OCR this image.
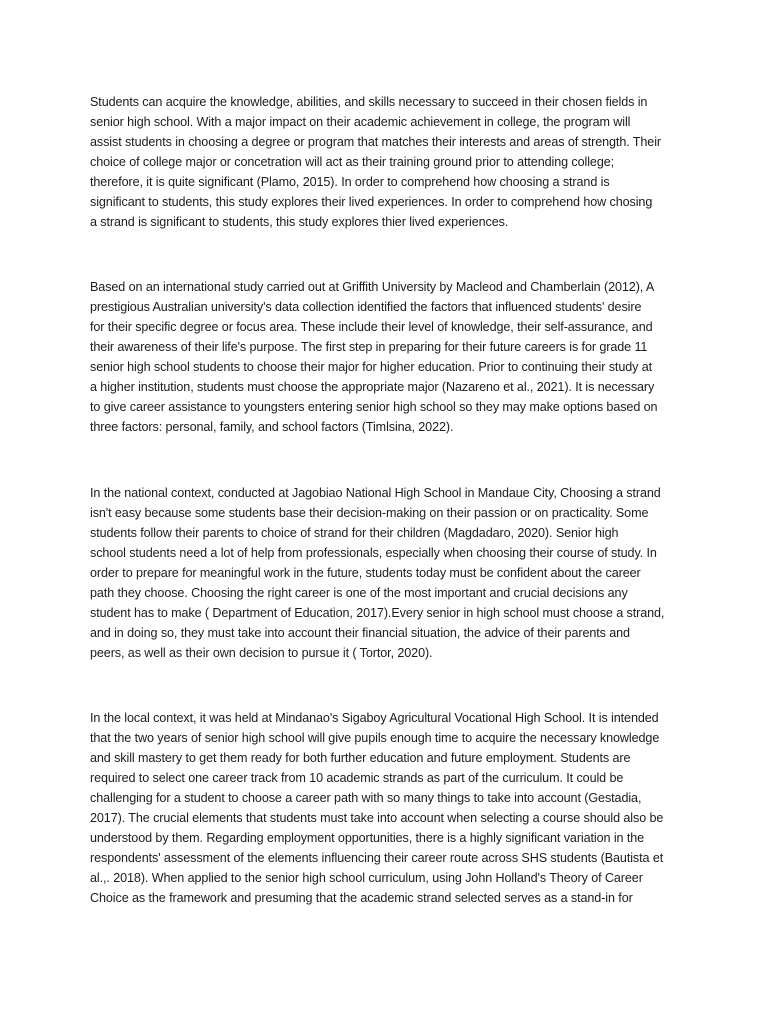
Students can acquire the knowledge, abilities, and skills necessary to succeed in their chosen fields in
senior high school. With a major impact on their academic achievement in college, the program will
assist students in choosing a degree or program that matches their interests and areas of strength. Their
choice of college major or concetration will act as their training ground prior to attending college;
therefore, it is quite significant (Plamo, 2015). In order to comprehend how choosing a strand is
significant to students, this study explores their lived experiences. In order to comprehend how chosing
a strand is significant to students, this study explores thier lived experiences.

Based on an international study carried out at Griffith University by Macleod and Chamberlain (2012), A
prestigious Australian university's data collection identified the factors that influenced students' desire
for their specific degree or focus area. These include their level of knowledge, their self-assurance, and
their awareness of their life's purpose. The first step in preparing for their future careers is for grade 11
senior high school students to choose their major for higher education. Prior to continuing their study at
a higher institution, students must choose the appropriate major (Nazareno et al., 2021). It is necessary
to give career assistance to youngsters entering senior high school so they may make options based on
three factors: personal, family, and school factors (Timlsina, 2022).

In the national context, conducted at Jagobiao National High School in Mandaue City, Choosing a strand
isn't easy because some students base their decision-making on their passion or on practicality. Some
students follow their parents to choice of strand for their children (Magdadaro, 2020). Senior high
school students need a lot of help from professionals, especially when choosing their course of study. In
order to prepare for meaningful work in the future, students today must be confident about the career
path they choose. Choosing the right career is one of the most important and crucial decisions any
student has to make ( Department of Education, 2017).Every senior in high school must choose a strand,
and in doing so, they must take into account their financial situation, the advice of their parents and
peers, as well as their own decision to pursue it ( Tortor, 2020).

In the local context, it was held at Mindanao's Sigaboy Agricultural Vocational High School. It is intended
that the two years of senior high school will give pupils enough time to acquire the necessary knowledge
and skill mastery to get them ready for both further education and future employment. Students are
required to select one career track from 10 academic strands as part of the curriculum. It could be
challenging for a student to choose a career path with so many things to take into account (Gestadia,
2017). The crucial elements that students must take into account when selecting a course should also be
understood by them. Regarding employment opportunities, there is a highly significant variation in the
respondents' assessment of the elements influencing their career route across SHS students (Bautista et
al.,. 2018). When applied to the senior high school curriculum, using John Holland's Theory of Career
Choice as the framework and presuming that the academic strand selected serves as a stand-in for
